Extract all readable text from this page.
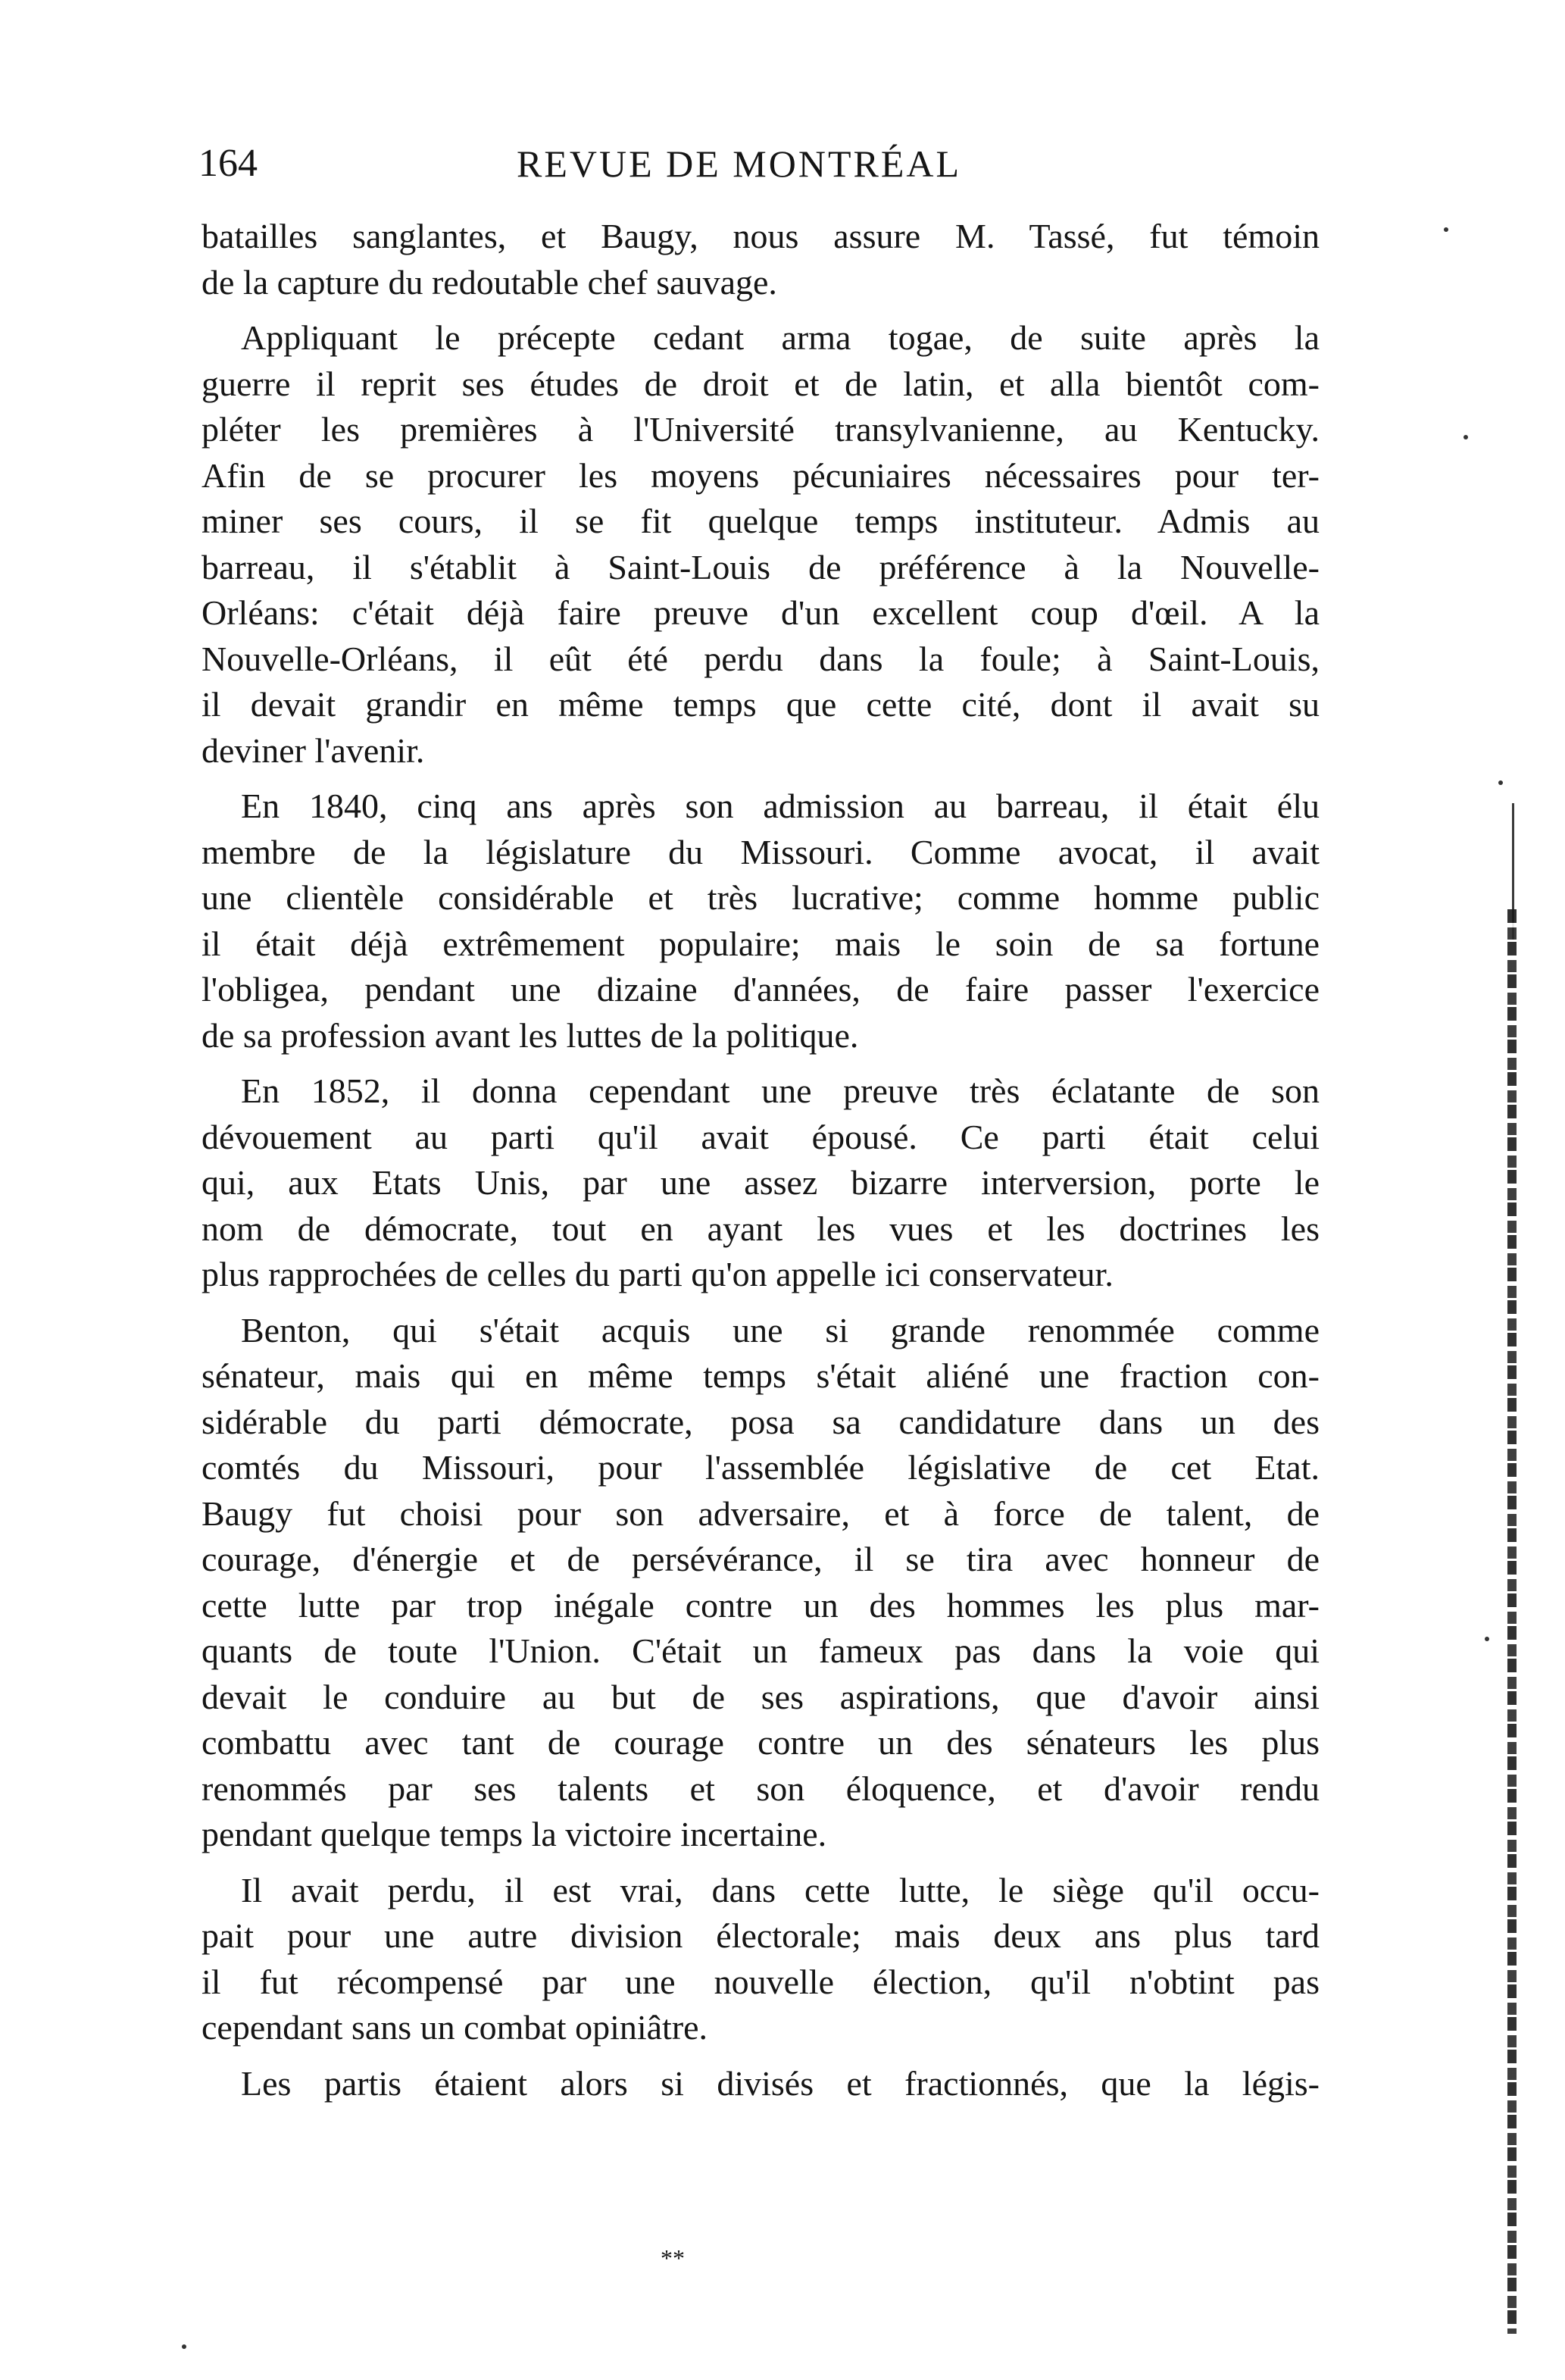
164	REVUE DE MONTRÉAL

batailles sanglantes, et Baugy, nous assure M. Tassé, fut témoin
de la capture du redoutable chef sauvage.

Appliquant le précepte cedant arma togae, de suite après la
guerre il reprit ses études de droit et de latin, et alla bientôt com-
pléter les premières à l'Université transylvanienne, au Kentucky.
Afin de se procurer les moyens pécuniaires nécessaires pour ter-
miner ses cours, il se fit quelque temps instituteur. Admis au
barreau, il s'établit à Saint-Louis de préférence à la Nouvelle-
Orléans: c'était déjà faire preuve d'un excellent coup d'œil. A la
Nouvelle-Orléans, il eût été perdu dans la foule; à Saint-Louis,
il devait grandir en même temps que cette cité, dont il avait su
deviner l'avenir.

En 1840, cinq ans après son admission au barreau, il était élu
membre de la législature du Missouri. Comme avocat, il avait
une clientèle considérable et très lucrative; comme homme public
il était déjà extrêmement populaire; mais le soin de sa fortune
l'obligea, pendant une dizaine d'années, de faire passer l'exercice
de sa profession avant les luttes de la politique.

En 1852, il donna cependant une preuve très éclatante de son
dévouement au parti qu'il avait épousé. Ce parti était celui
qui, aux Etats Unis, par une assez bizarre interversion, porte le
nom de démocrate, tout en ayant les vues et les doctrines les
plus rapprochées de celles du parti qu'on appelle ici conservateur.

Benton, qui s'était acquis une si grande renommée comme
sénateur, mais qui en même temps s'était aliéné une fraction con-
sidérable du parti démocrate, posa sa candidature dans un des
comtés du Missouri, pour l'assemblée législative de cet Etat.
Baugy fut choisi pour son adversaire, et à force de talent, de
courage, d'énergie et de persévérance, il se tira avec honneur de
cette lutte par trop inégale contre un des hommes les plus mar-
quants de toute l'Union. C'était un fameux pas dans la voie qui
devait le conduire au but de ses aspirations, que d'avoir ainsi
combattu avec tant de courage contre un des sénateurs les plus
renommés par ses talents et son éloquence, et d'avoir rendu
pendant quelque temps la victoire incertaine.

Il avait perdu, il est vrai, dans cette lutte, le siège qu'il occu-
pait pour une autre division électorale; mais deux ans plus tard
il fut récompensé par une nouvelle élection, qu'il n'obtint pas
cependant sans un combat opiniâtre.

Les partis étaient alors si divisés et fractionnés, que la légis-

**
